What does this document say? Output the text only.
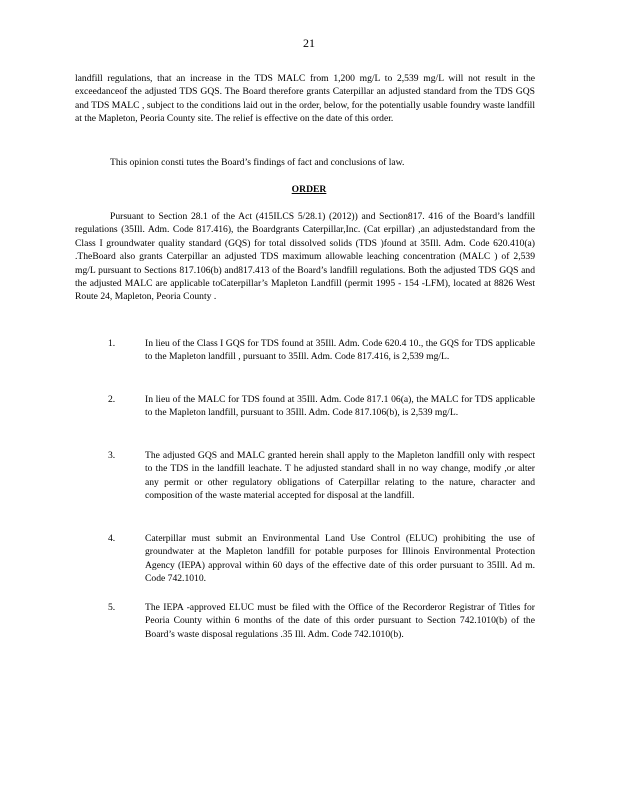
21

landfill regulations, that an increase in the TDS MALC from 1,200 mg/L to 2,539 mg/L will not result in the exceedanceof the adjusted TDS GQS. The Board therefore grants Caterpillar an adjusted standard from the TDS GQS and TDS MALC , subject to the conditions laid out in the order, below, for the potentially usable foundry waste landfill at the Mapleton, Peoria County site. The relief is effective on the date of this order.

This opinion consti tutes the Board’s findings of fact and conclusions of law.

ORDER

Pursuant to Section 28.1 of the Act (415ILCS 5/28.1) (2012)) and Section817. 416 of the Board’s landfill regulations (35Ill. Adm. Code 817.416), the Boardgrants Caterpillar,Inc. (Cat erpillar) ,an adjustedstandard from the Class I groundwater quality standard (GQS) for total dissolved solids (TDS )found at 35Ill. Adm. Code 620.410(a) .TheBoard also grants Caterpillar an adjusted TDS maximum allowable leaching concentration (MALC ) of 2,539 mg/L pursuant to Sections 817.106(b) and817.413 of the Board’s landfill regulations. Both the adjusted TDS GQS and the adjusted MALC are applicable toCaterpillar’s Mapleton Landfill (permit 1995 - 154 -LFM), located at 8826 West Route 24, Mapleton, Peoria County .

1.	In lieu of the Class I GQS for TDS found at 35Ill. Adm. Code 620.4 10., the GQS for TDS applicable to the Mapleton landfill , pursuant to 35Ill. Adm. Code 817.416, is 2,539 mg/L.

2.	In lieu of the MALC for TDS found at 35Ill. Adm. Code 817.1 06(a), the MALC for TDS applicable to the Mapleton landfill, pursuant to 35Ill. Adm. Code 817.106(b), is 2,539 mg/L.

3.	The adjusted GQS and MALC granted herein shall apply to the Mapleton landfill only with respect to the TDS in the landfill leachate. T he adjusted standard shall in no way change, modify ,or alter any permit or other regulatory obligations of Caterpillar relating to the nature, character and composition of the waste material accepted for disposal at the landfill.

4.	Caterpillar must submit an Environmental Land Use Control (ELUC) prohibiting the use of groundwater at the Mapleton landfill for potable purposes for Illinois Environmental Protection Agency (IEPA) approval within 60 days of the effective date of this order pursuant to 35Ill. Ad m. Code 742.1010.

5.	The IEPA -approved ELUC must be filed with the Office of the Recorderor Registrar of Titles for Peoria County within 6 months of the date of this order pursuant to Section 742.1010(b) of the Board’s waste disposal regulations .35 Ill. Adm. Code 742.1010(b).
